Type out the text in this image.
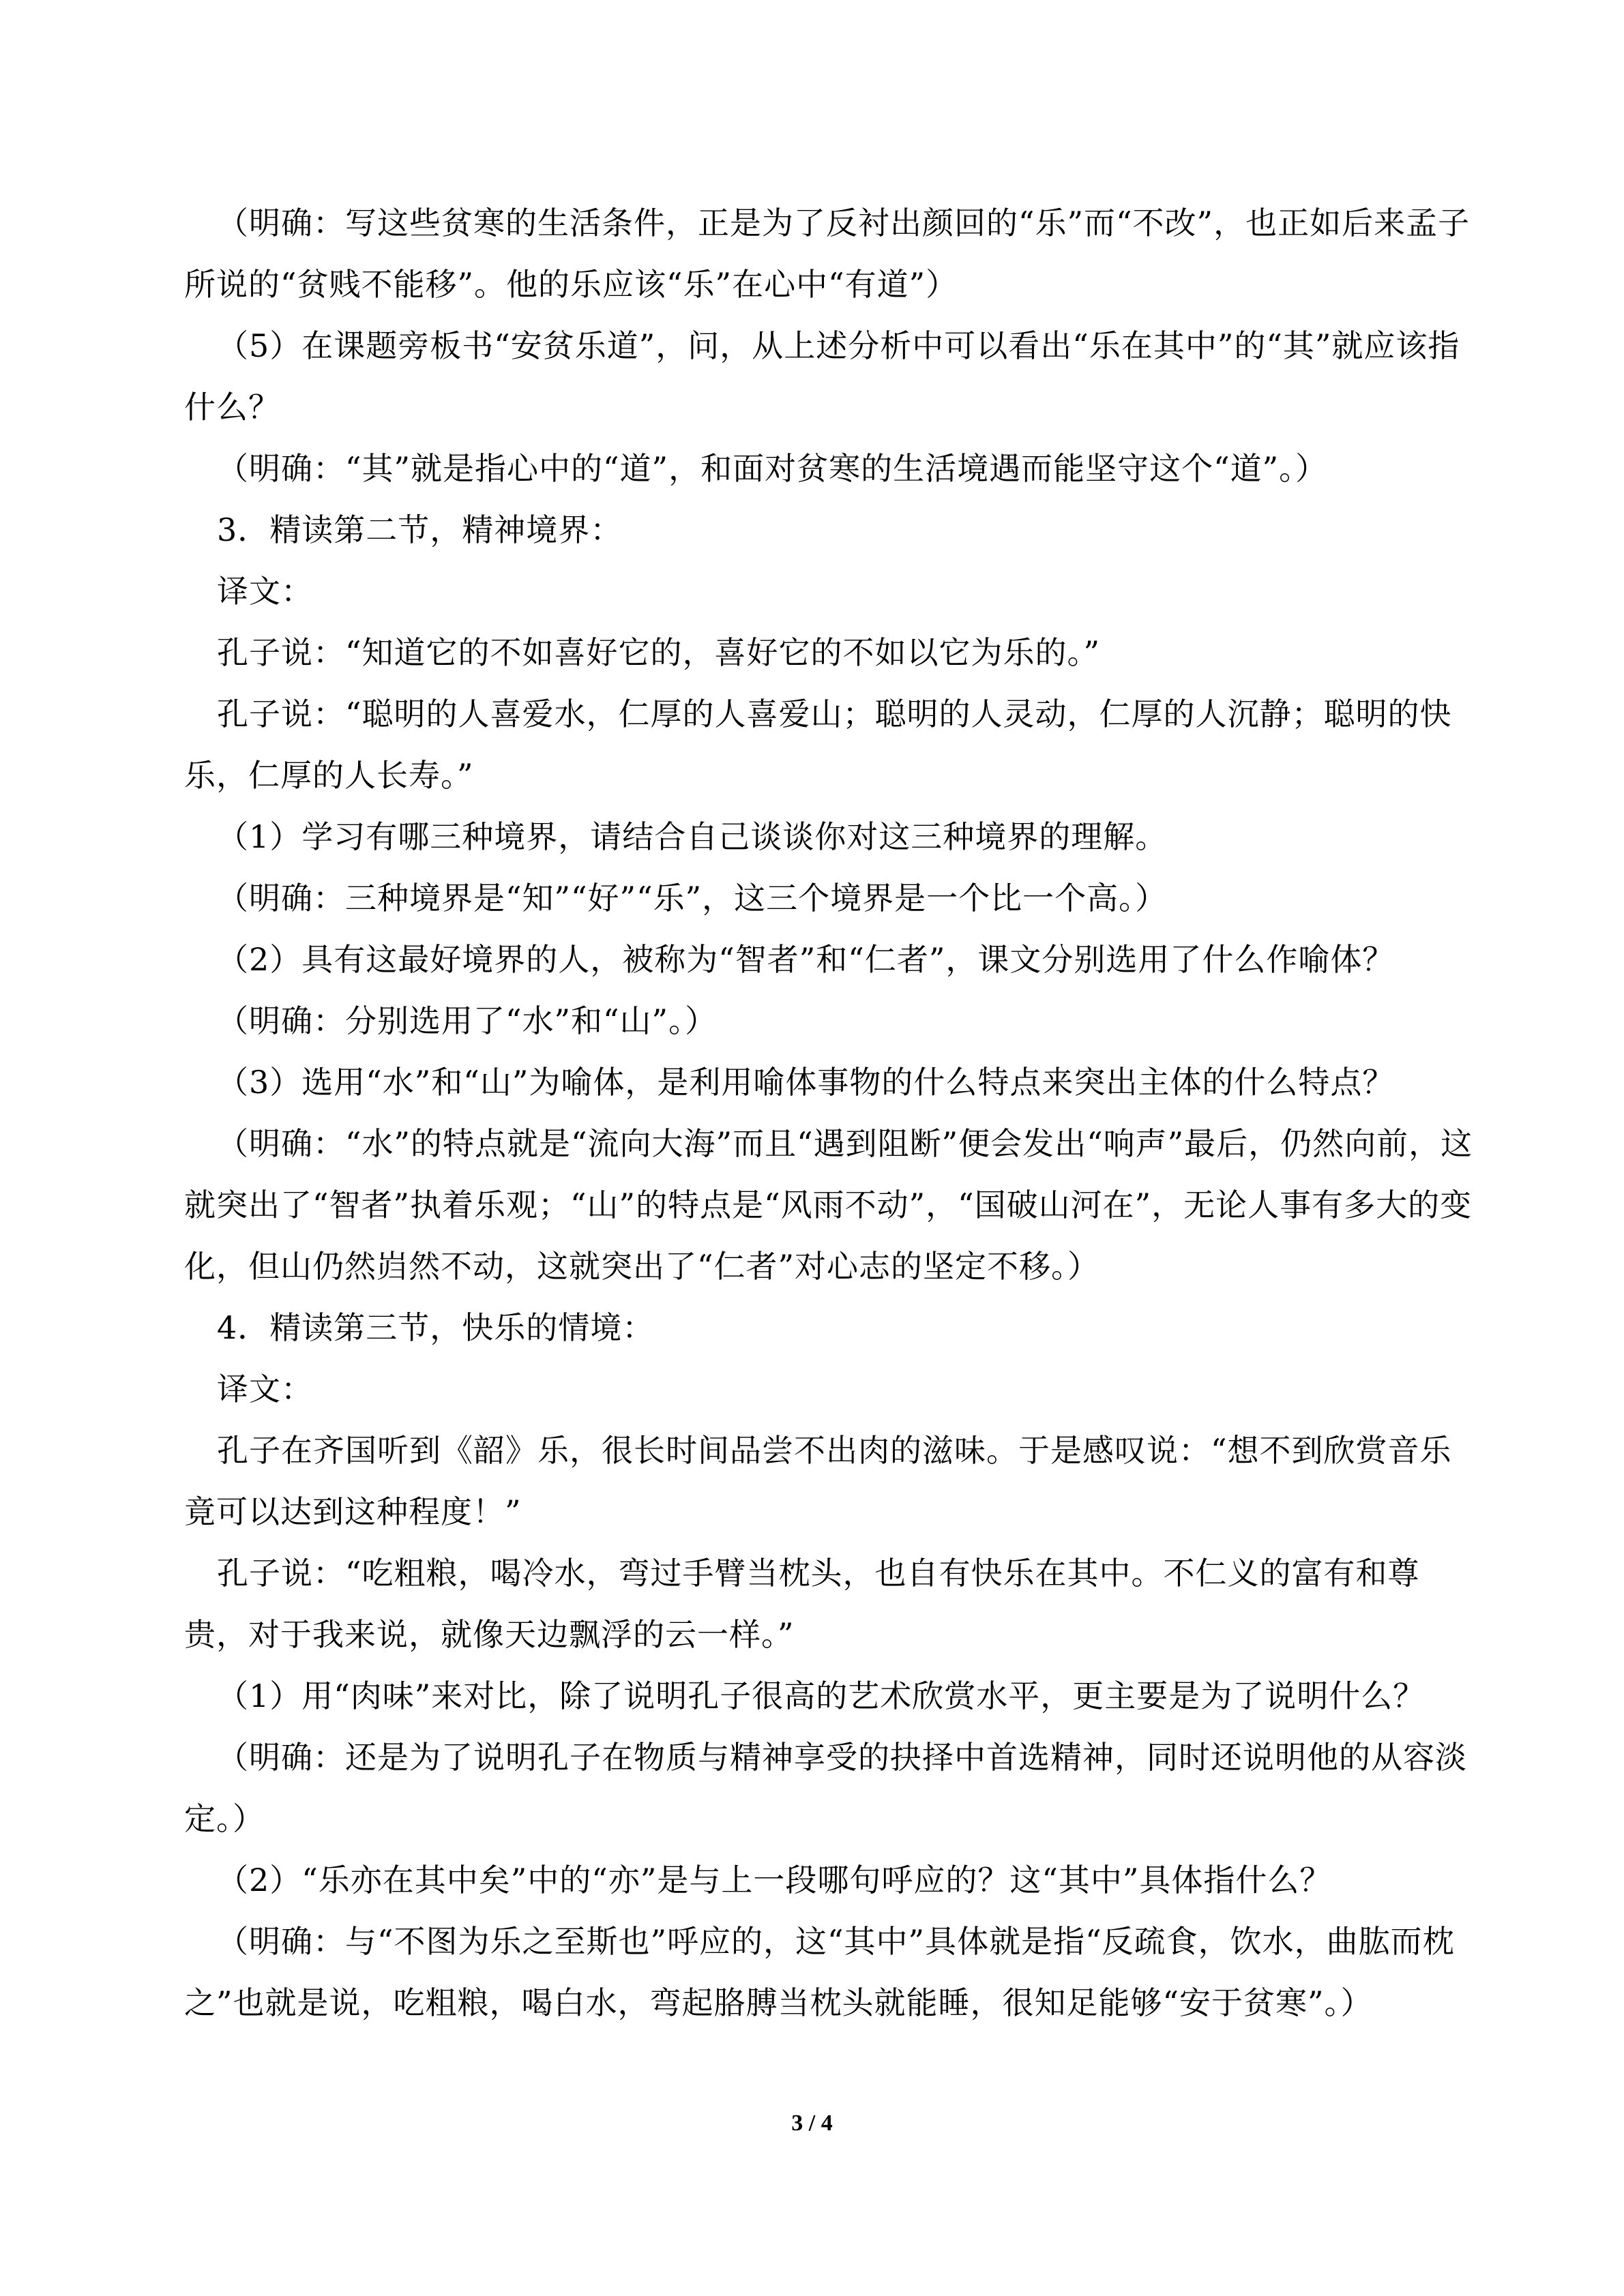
（明确：写这些贫寒的生活条件，正是为了反衬出颜回的“乐”而“不改”，也正如后来孟子所说的“贫贱不能移”。他的乐应该“乐”在心中“有道”）

（5）在课题旁板书“安贫乐道”，问，从上述分析中可以看出“乐在其中”的“其”就应该指什么？

（明确：“其”就是指心中的“道”，和面对贫寒的生活境遇而能坚守这个“道”。）

3．精读第二节，精神境界：

译文：

孔子说：“知道它的不如喜好它的，喜好它的不如以它为乐的。”

孔子说：“聪明的人喜爱水，仁厚的人喜爱山；聪明的人灵动，仁厚的人沉静；聪明的快乐，仁厚的人长寿。”

（1）学习有哪三种境界，请结合自己谈谈你对这三种境界的理解。

（明确：三种境界是“知”“好”“乐”，这三个境界是一个比一个高。）

（2）具有这最好境界的人，被称为“智者”和“仁者”，课文分别选用了什么作喻体？

（明确：分别选用了“水”和“山”。）

（3）选用“水”和“山”为喻体，是利用喻体事物的什么特点来突出主体的什么特点？

（明确：“水”的特点就是“流向大海”而且“遇到阻断”便会发出“响声”最后，仍然向前，这就突出了“智者”执着乐观；“山”的特点是“风雨不动”，“国破山河在”，无论人事有多大的变化，但山仍然岿然不动，这就突出了“仁者”对心志的坚定不移。）

4．精读第三节，快乐的情境：

译文：

孔子在齐国听到《韶》乐，很长时间品尝不出肉的滋味。于是感叹说：“想不到欣赏音乐竟可以达到这种程度！”

孔子说：“吃粗粮，喝冷水，弯过手臂当枕头，也自有快乐在其中。不仁义的富有和尊贵，对于我来说，就像天边飘浮的云一样。”

（1）用“肉味”来对比，除了说明孔子很高的艺术欣赏水平，更主要是为了说明什么？

（明确：还是为了说明孔子在物质与精神享受的抉择中首选精神，同时还说明他的从容淡定。）

（2）“乐亦在其中矣”中的“亦”是与上一段哪句呼应的？这“其中”具体指什么？

（明确：与“不图为乐之至斯也”呼应的，这“其中”具体就是指“反疏食，饮水，曲肱而枕之”也就是说，吃粗粮，喝白水，弯起胳膊当枕头就能睡，很知足能够“安于贫寒”。）

3 / 4
